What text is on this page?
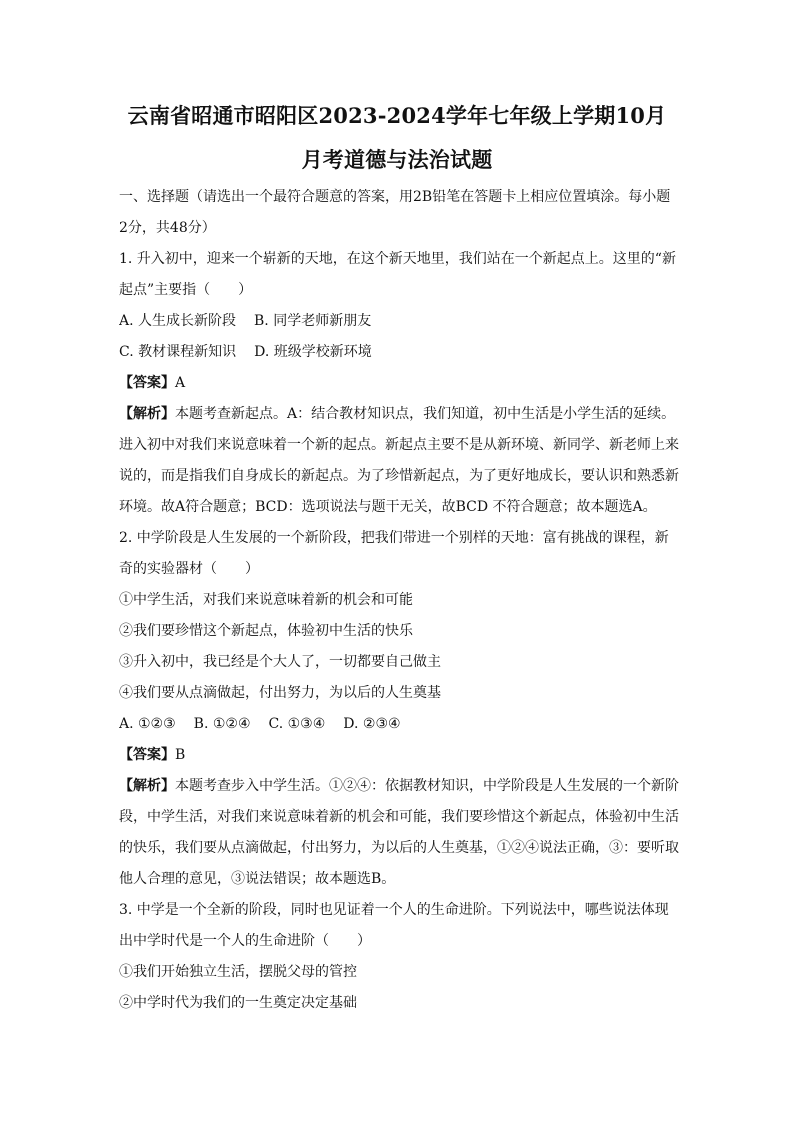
云南省昭通市昭阳区2023-2024学年七年级上学期10月
月考道德与法治试题
一、选择题（请选出一个最符合题意的答案，用2B铅笔在答题卡上相应位置填涂。每小题
2分，共48分）
1. 升入初中，迎来一个崭新的天地，在这个新天地里，我们站在一个新起点上。这里的“新
起点”主要指（　　）
A. 人生成长新阶段 B. 同学老师新朋友
C. 教材课程新知识 D. 班级学校新环境
【答案】A
【解析】本题考查新起点。A：结合教材知识点，我们知道，初中生活是小学生活的延续。
进入初中对我们来说意味着一个新的起点。新起点主要不是从新环境、新同学、新老师上来
说的，而是指我们自身成长的新起点。为了珍惜新起点，为了更好地成长，要认识和熟悉新
环境。故A符合题意；BCD：选项说法与题干无关，故BCD 不符合题意；故本题选A。
2. 中学阶段是人生发展的一个新阶段，把我们带进一个别样的天地：富有挑战的课程，新
奇的实验器材（　　）
①中学生活，对我们来说意味着新的机会和可能
②我们要珍惜这个新起点，体验初中生活的快乐
③升入初中，我已经是个大人了，一切都要自己做主
④我们要从点滴做起，付出努力，为以后的人生奠基
A. ①②③ B. ①②④ C. ①③④ D. ②③④
【答案】B
【解析】本题考查步入中学生活。①②④：依据教材知识，中学阶段是人生发展的一个新阶
段，中学生活，对我们来说意味着新的机会和可能，我们要珍惜这个新起点，体验初中生活
的快乐，我们要从点滴做起，付出努力，为以后的人生奠基，①②④说法正确，③：要听取
他人合理的意见，③说法错误；故本题选B。
3. 中学是一个全新的阶段，同时也见证着一个人的生命进阶。下列说法中，哪些说法体现
出中学时代是一个人的生命进阶（　　）
①我们开始独立生活，摆脱父母的管控
②中学时代为我们的一生奠定决定基础
